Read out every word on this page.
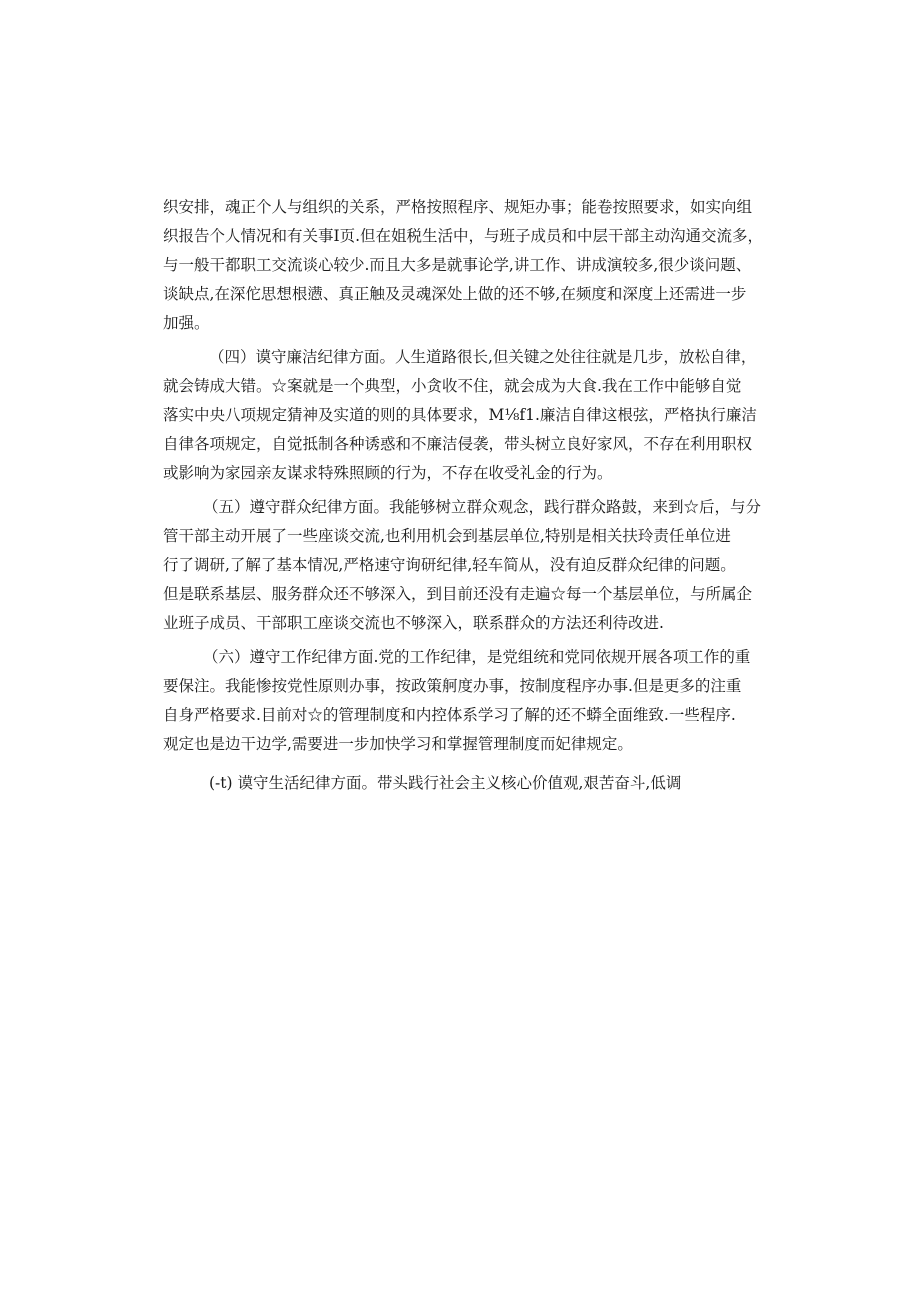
织安排，魂正个人与组织的关系，严格按照程序、规矩办事；能卷按照要求，如实向组
织报告个人情况和有关事I页.但在姐税生活中，与班子成员和中层干部主动沟通交流多，
与一般干都职工交流谈心较少.而且大多是就事论学,讲工作、讲成演较多,很少谈问题、
谈缺点,在深佗思想根懑、真正触及灵魂深处上做的还不够,在频度和深度上还需进一步
加强。

（四）谟守廉洁纪律方面。人生道路很长,但关键之处往往就是几步，放松自律，
就会铸成大错。☆案就是一个典型，小贪收不住，就会成为大食.我在工作中能够自觉
落实中央八项规定猜神及实道的则的具体要求，M⅛f1.廉洁自律这根弦，严格执行廉洁
自律各项规定，自觉抵制各种诱惑和不廉洁侵袭，带头树立良好家风，不存在利用职权
或影响为家园亲友谋求特殊照顾的行为，不存在收受礼金的行为。

（五）遵守群众纪律方面。我能够树立群众观念，践行群众路鼓，来到☆后，与分
管干部主动开展了一些座谈交流,也利用机会到基层单位,特别是相关扶玲责任单位进
行了调研,了解了基本情况,严格速守询研纪律,轻车简从，没有迫反群众纪律的问题。
但是联系基层、服务群众还不够深入，到目前还没有走遍☆每一个基层单位，与所属企
业班子成员、干部职工座谈交流也不够深入，联系群众的方法还利待改进.

（六）遵守工作纪律方面.党的工作纪律，是党组统和党同依规开展各项工作的重
要保注。我能惨按党性原则办事，按政策舸度办事，按制度程序办事.但是更多的注重
自身严格要求.目前对☆的管理制度和内控体系学习了解的还不蟒全面维致.一些程序.
观定也是边干边学,需要进一步加快学习和掌握管理制度而妃律规定。

(-t) 谟守生活纪律方面。带头践行社会主义核心价值观,艰苦奋斗,低调
